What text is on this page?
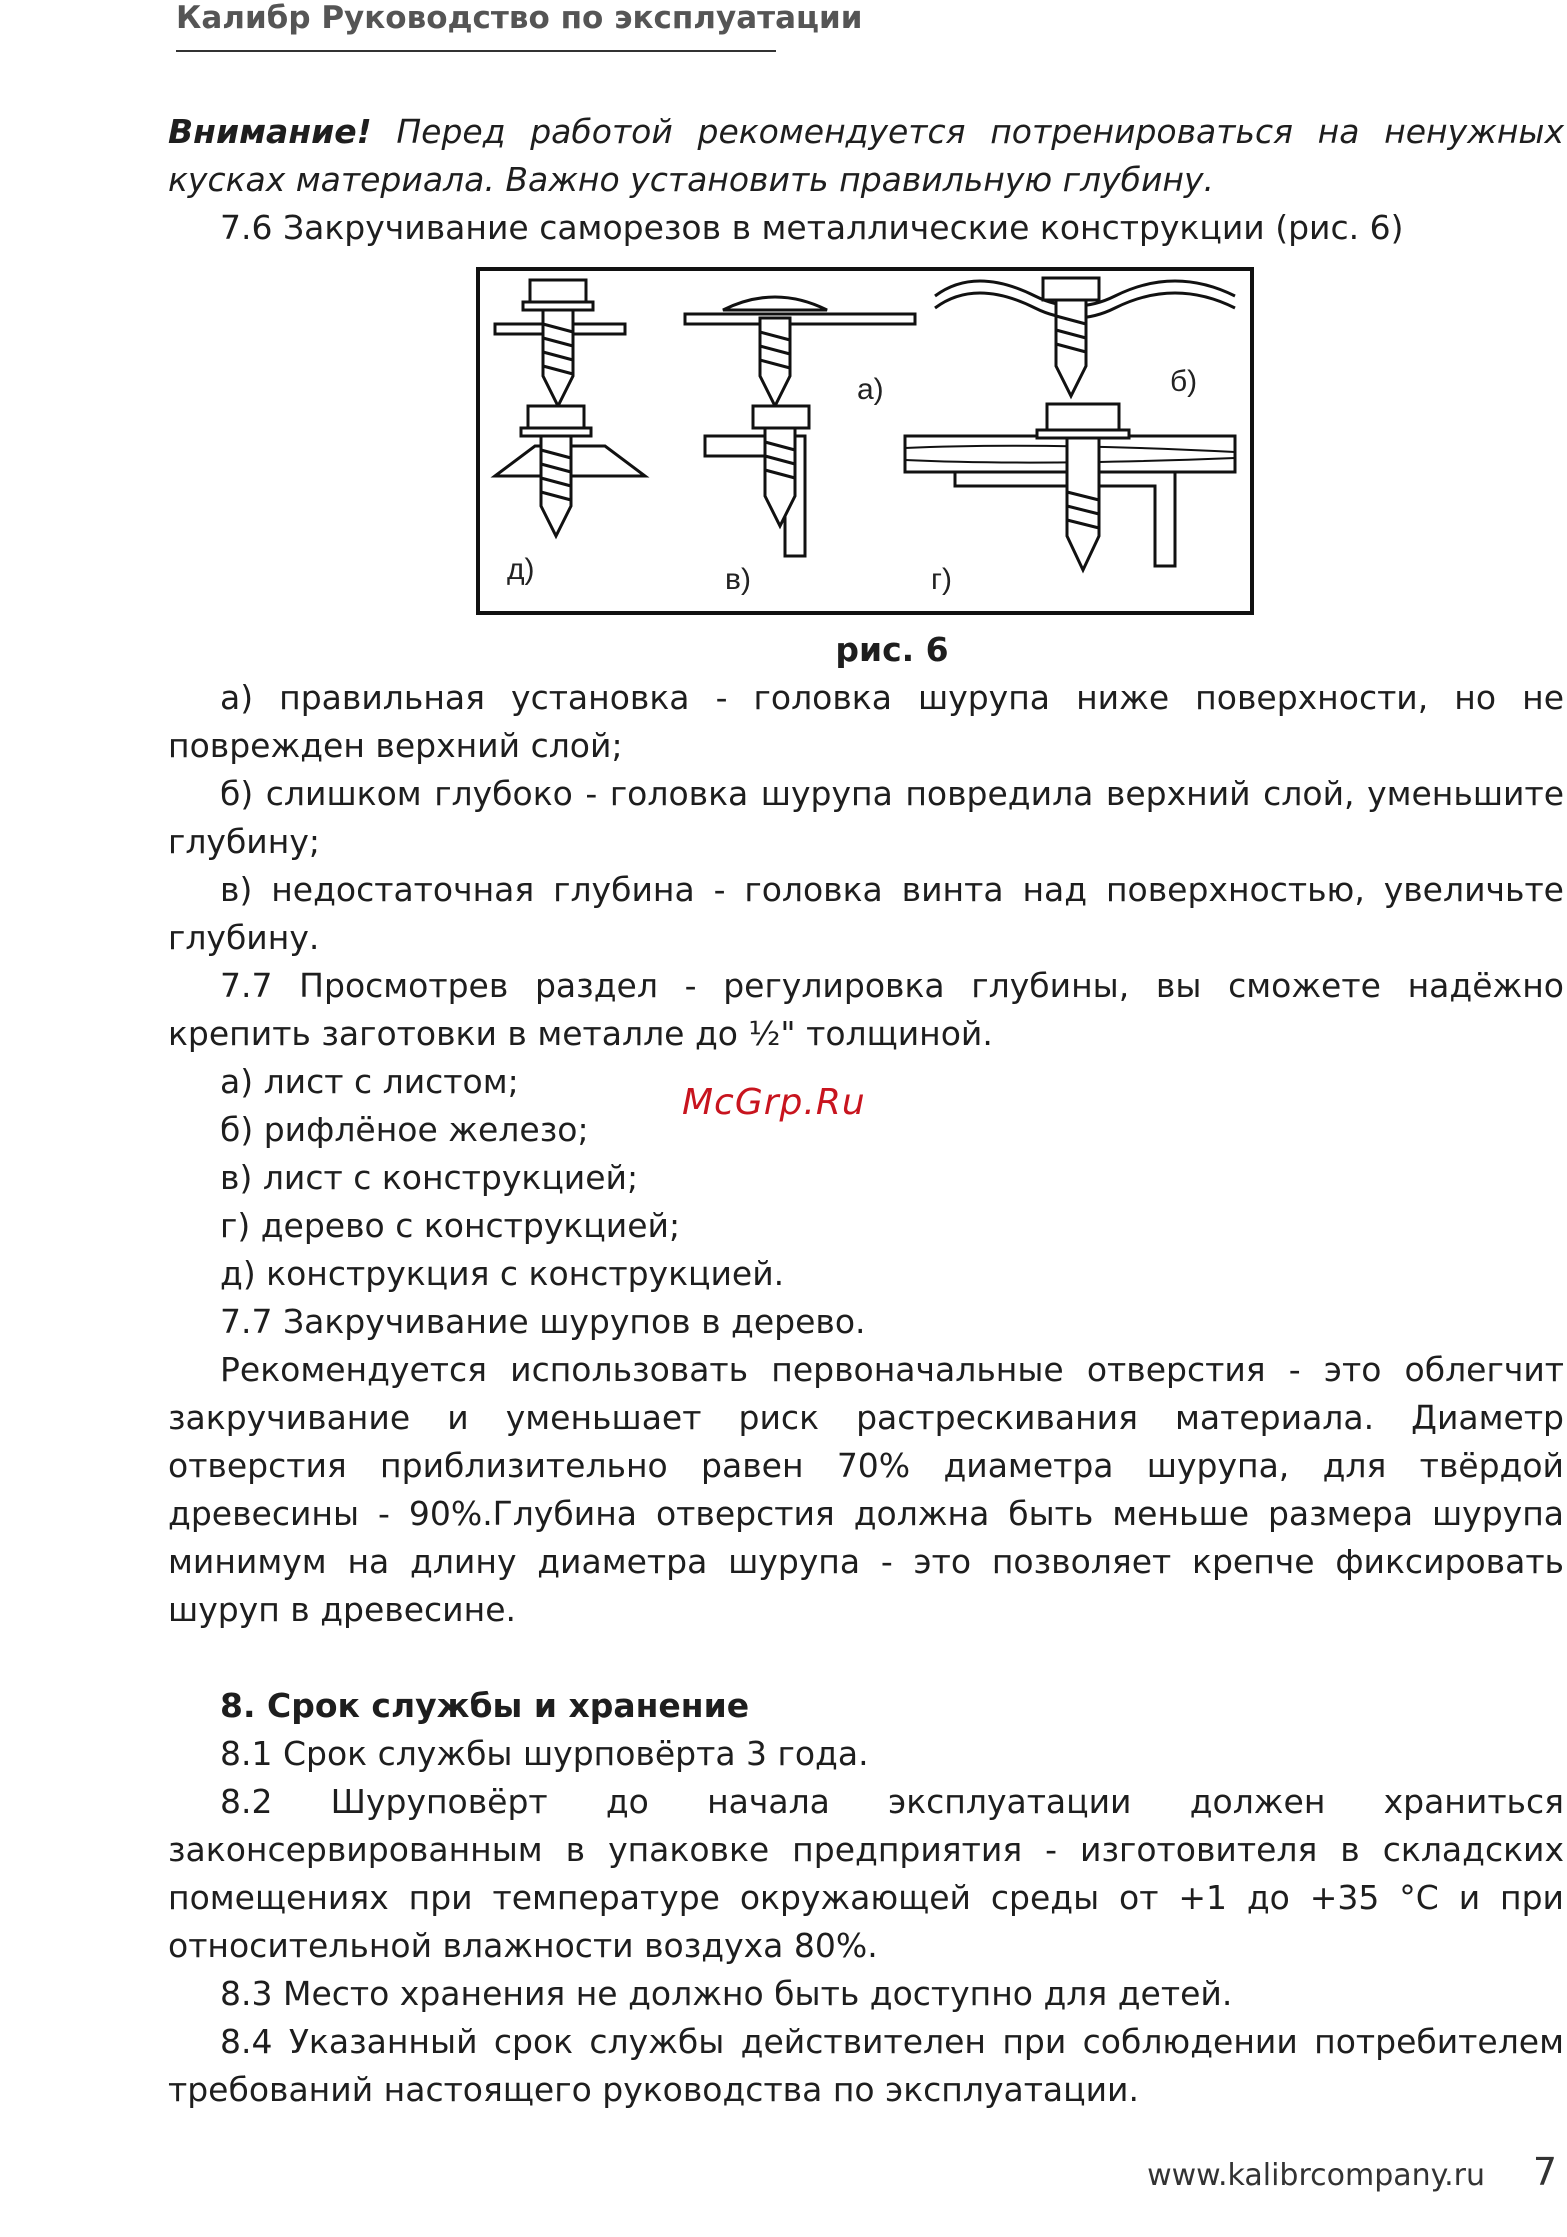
Калибр Руководство по эксплуатации

Внимание! Перед работой рекомендуется потренироваться на ненужных кусках материала. Важно установить правильную глубину.

7.6 Закручивание саморезов в металлические конструкции (рис. 6)

а)	б)
д)	в)	г)

рис. 6

а) правильная установка - головка шурупа ниже поверхности, но не поврежден верхний слой;

б) слишком глубоко - головка шурупа повредила верхний слой, уменьшите глубину;

в) недостаточная глубина - головка винта над поверхностью, увеличьте глубину.

7.7 Просмотрев раздел - регулировка глубины, вы сможете надёжно крепить заготовки в металле до ½" толщиной.

а) лист с листом;

б) рифлёное железо;

в) лист с конструкцией;

г) дерево с конструкцией;

д) конструкция с конструкцией.

7.7 Закручивание шурупов в дерево.

Рекомендуется использовать первоначальные отверстия - это облегчит закручивание и уменьшает риск растрескивания материала. Диаметр отверстия приблизительно равен 70% диаметра шурупа, для твёрдой древесины - 90%.Глубина отверстия должна быть меньше размера шурупа минимум на длину диаметра шурупа - это позволяет крепче фиксировать шуруп в древесине.

8. Срок службы и хранение

8.1 Срок службы шурповёрта 3 года.

8.2 Шуруповёрт до начала эксплуатации должен храниться законсервированным в упаковке предприятия - изготовителя в складских помещениях при температуре окружающей среды от +1 до +35 °С и при относительной влажности воздуха 80%.

8.3 Место хранения не должно быть доступно для детей.

8.4 Указанный срок службы действителен при соблюдении потребителем требований настоящего руководства по эксплуатации.

McGrp.Ru
www.kalibrcompany.ru 7
